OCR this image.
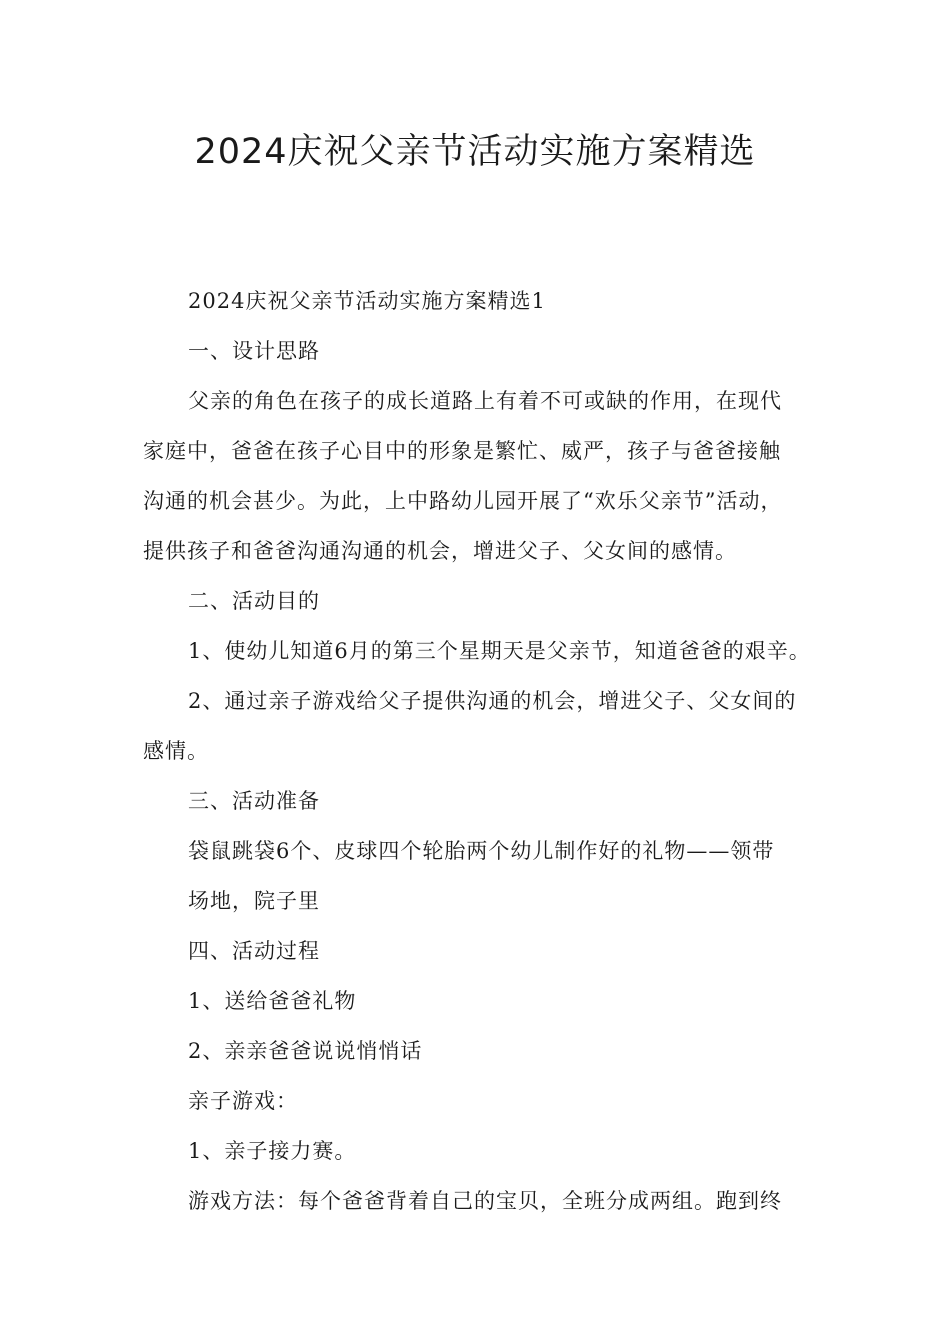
2024庆祝父亲节活动实施方案精选

2024庆祝父亲节活动实施方案精选1

一、设计思路

父亲的角色在孩子的成长道路上有着不可或缺的作用，在现代

家庭中，爸爸在孩子心目中的形象是繁忙、威严，孩子与爸爸接触

沟通的机会甚少。为此，上中路幼儿园开展了“欢乐父亲节”活动，

提供孩子和爸爸沟通沟通的机会，增进父子、父女间的感情。

二、活动目的

1、使幼儿知道6月的第三个星期天是父亲节，知道爸爸的艰辛。

2、通过亲子游戏给父子提供沟通的机会，增进父子、父女间的

感情。

三、活动准备

袋鼠跳袋6个、皮球四个轮胎两个幼儿制作好的礼物——领带

场地，院子里

四、活动过程

1、送给爸爸礼物

2、亲亲爸爸说说悄悄话

亲子游戏：

1、亲子接力赛。

游戏方法：每个爸爸背着自己的宝贝，全班分成两组。跑到终
